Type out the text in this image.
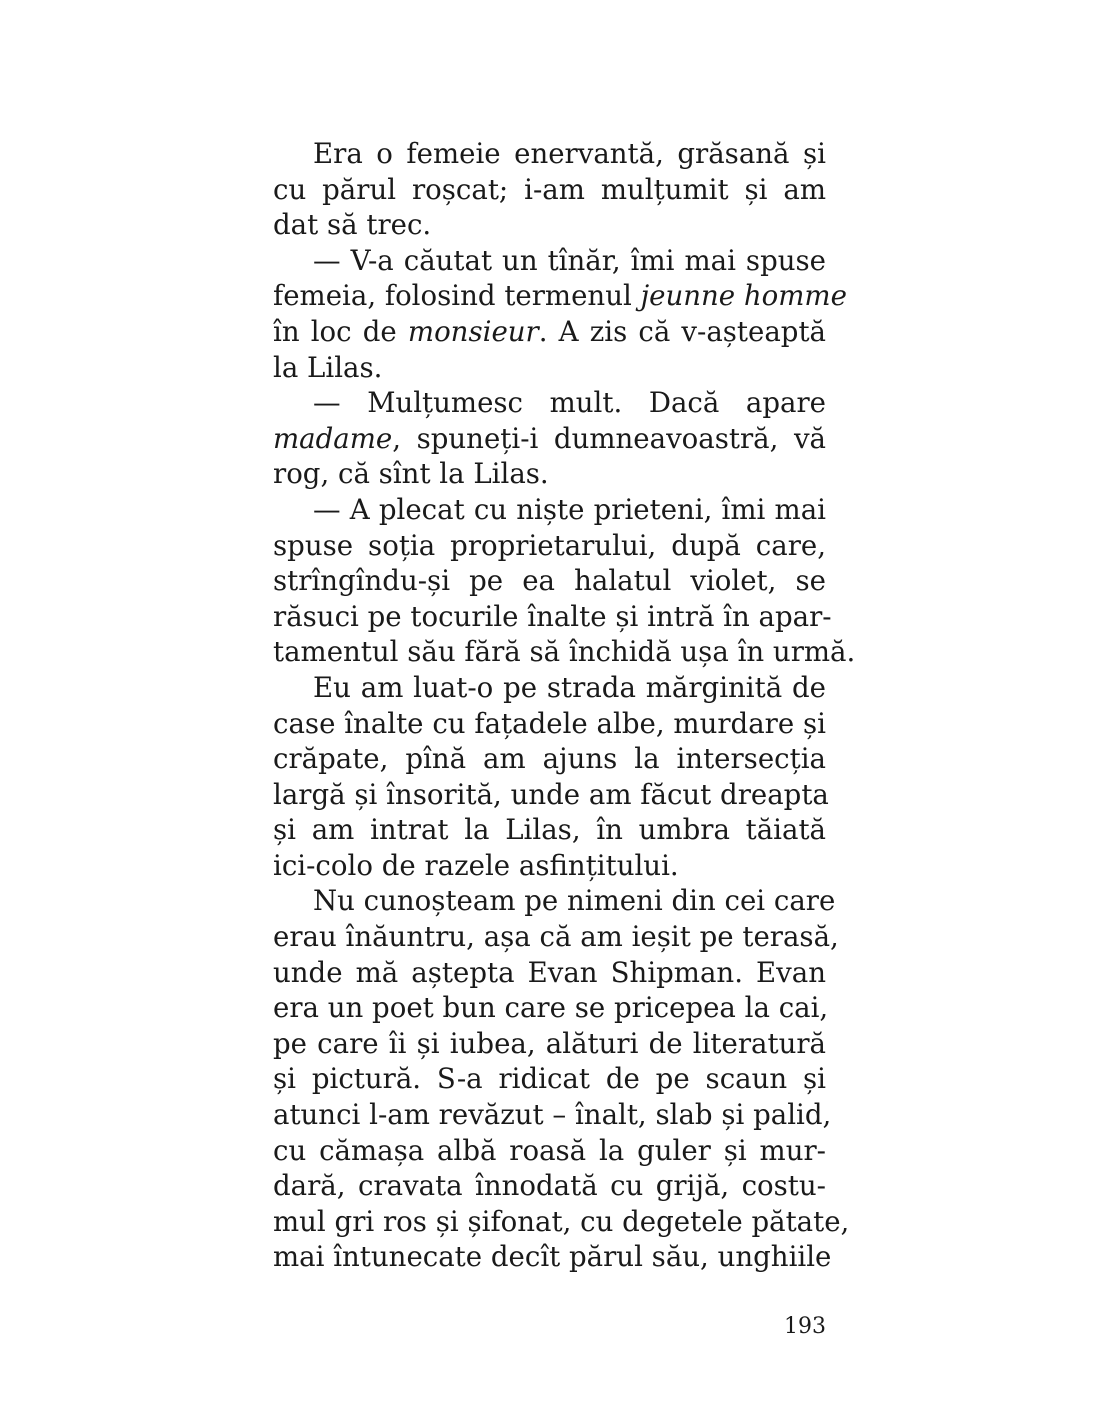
Era o femeie enervantă, grăsană și
cu părul roșcat; i-am mulțumit și am
dat să trec.
— V-a căutat un tînăr, îmi mai spuse
femeia, folosind termenul jeunne homme
în loc de monsieur. A zis că v-așteaptă
la Lilas.
— Mulțumesc mult. Dacă apare
madame, spuneți-i dumneavoastră, vă
rog, că sînt la Lilas.
— A plecat cu niște prieteni, îmi mai
spuse soția proprietarului, după care,
strîngîndu-și pe ea halatul violet, se
răsuci pe tocurile înalte și intră în apar-
tamentul său fără să închidă ușa în urmă.
Eu am luat-o pe strada mărginită de
case înalte cu fațadele albe, murdare și
crăpate, pînă am ajuns la intersecția
largă și însorită, unde am făcut dreapta
și am intrat la Lilas, în umbra tăiată
ici-colo de razele asfințitului.
Nu cunoșteam pe nimeni din cei care
erau înăuntru, așa că am ieșit pe terasă,
unde mă aștepta Evan Shipman. Evan
era un poet bun care se pricepea la cai,
pe care îi și iubea, alături de literatură
și pictură. S-a ridicat de pe scaun și
atunci l-am revăzut – înalt, slab și palid,
cu cămașa albă roasă la guler și mur-
dară, cravata înnodată cu grijă, costu-
mul gri ros și șifonat, cu degetele pătate,
mai întunecate decît părul său, unghiile
193
